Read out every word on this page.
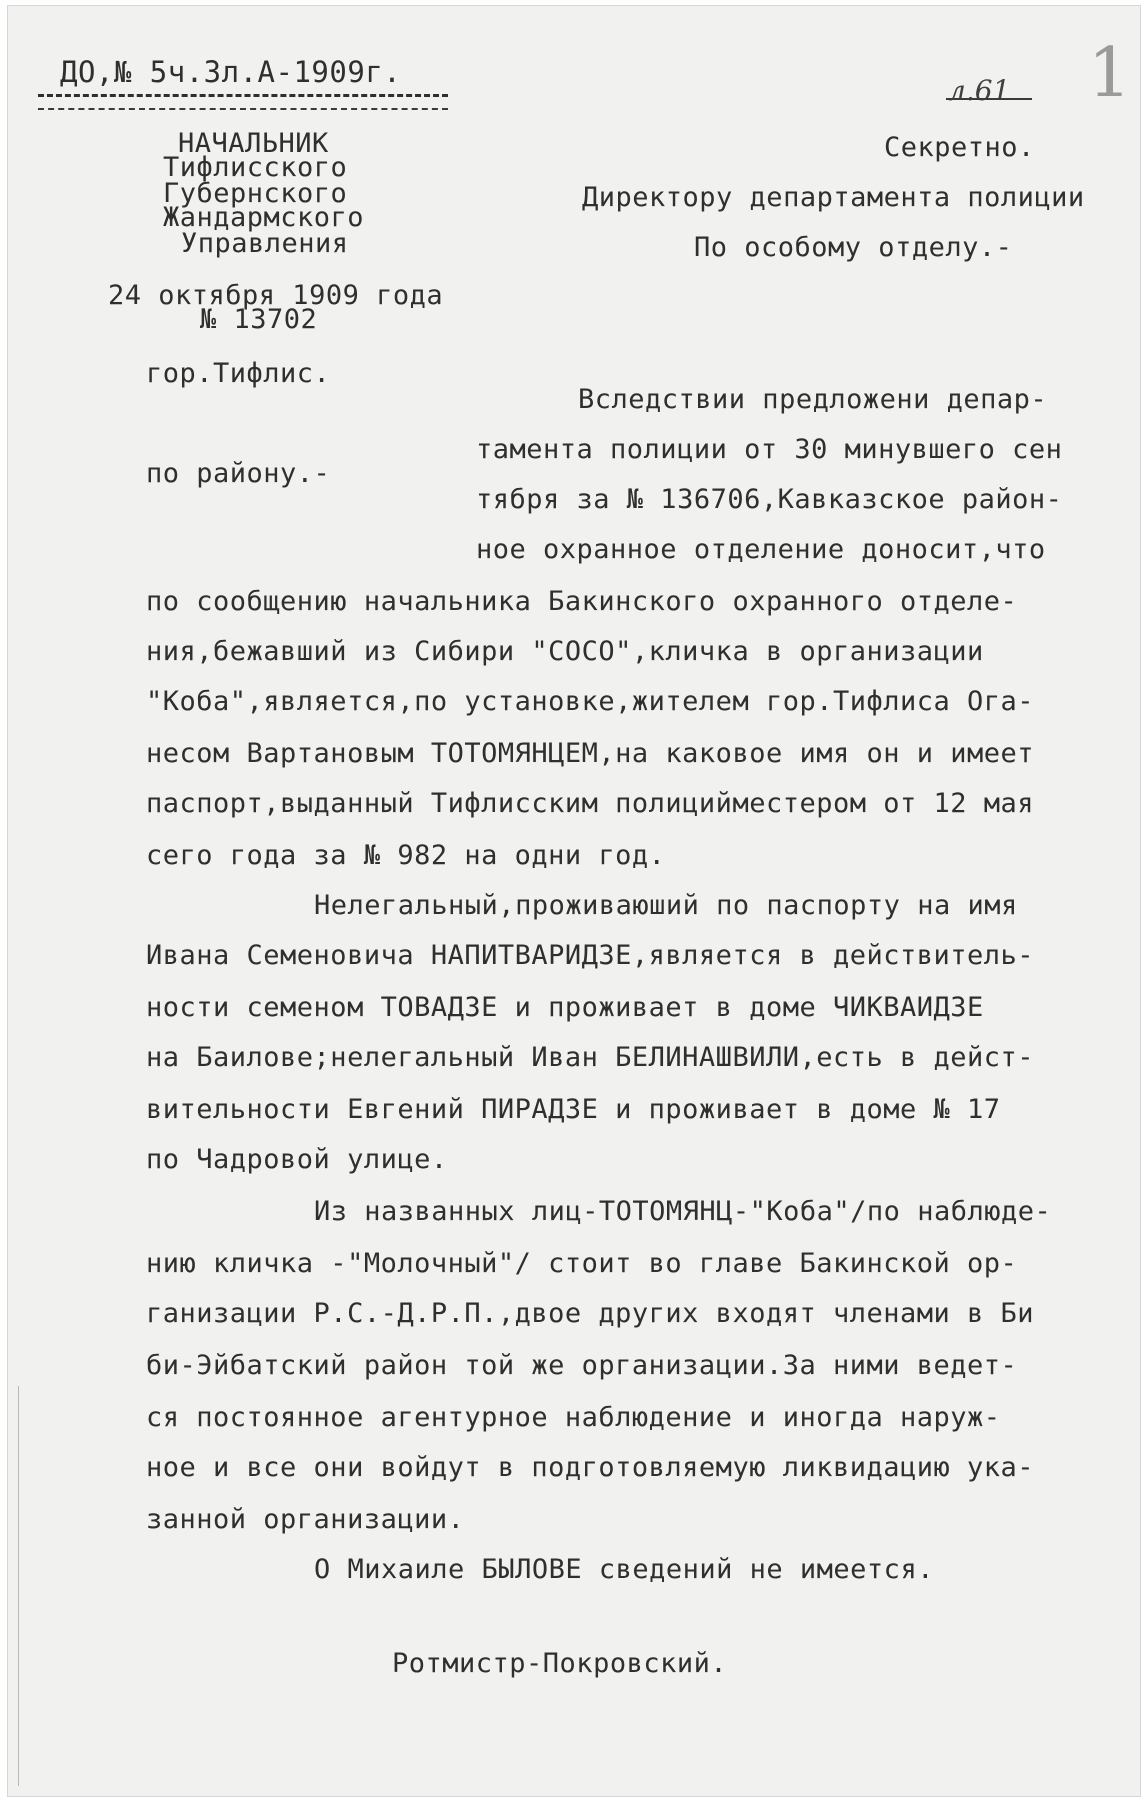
ДО,№ 5ч.3л.А-1909г.
л.61 1
НАЧАЛЬНИК
Тифлисского
Губернского
Жандармского
Управления
24 октября 1909 года
№ 13702
гор.Тифлис.
по району.-
Секретно.
Директору департамента полиции
По особому отделу.-
Вследствии предложени депар-
тамента полиции от 30 минувшего сен
тября за № 136706,Кавказское район-
ное охранное отделение доносит,что
по сообщению начальника Бакинского охранного отделе-
ния,бежавший из Сибири "СОСО",кличка в организации
"Коба",является,по установке,жителем гор.Тифлиса Ога-
несом Вартановым ТОТОМЯНЦЕМ,на каковое имя он и имеет
паспорт,выданный Тифлисским полицийместером от 12 мая
сего года за № 982 на одни год.
Нелегальный,проживаюший по паспорту на имя
Ивана Семеновича НАПИТВАРИДЗЕ,является в действитель-
ности семеном ТОВАДЗЕ и проживает в доме ЧИКВАИДЗЕ
на Баилове;нелегальный Иван БЕЛИНАШВИЛИ,есть в дейст-
вительности Евгений ПИРАДЗЕ и проживает в доме № 17
по Чадровой улице.
Из названных лиц-ТОТОМЯНЦ-"Коба"/по наблюде-
нию кличка -"Молочный"/ стоит во главе Бакинской ор-
ганизации Р.С.-Д.Р.П.,двое других входят членами в Би
би-Эйбатский район той же организации.За ними ведет-
ся постоянное агентурное наблюдение и иногда наруж-
ное и все они войдут в подготовляемую ликвидацию ука-
занной организации.
О Михаиле БЫЛОВЕ сведений не имеется.
Ротмистр-Покровский.
